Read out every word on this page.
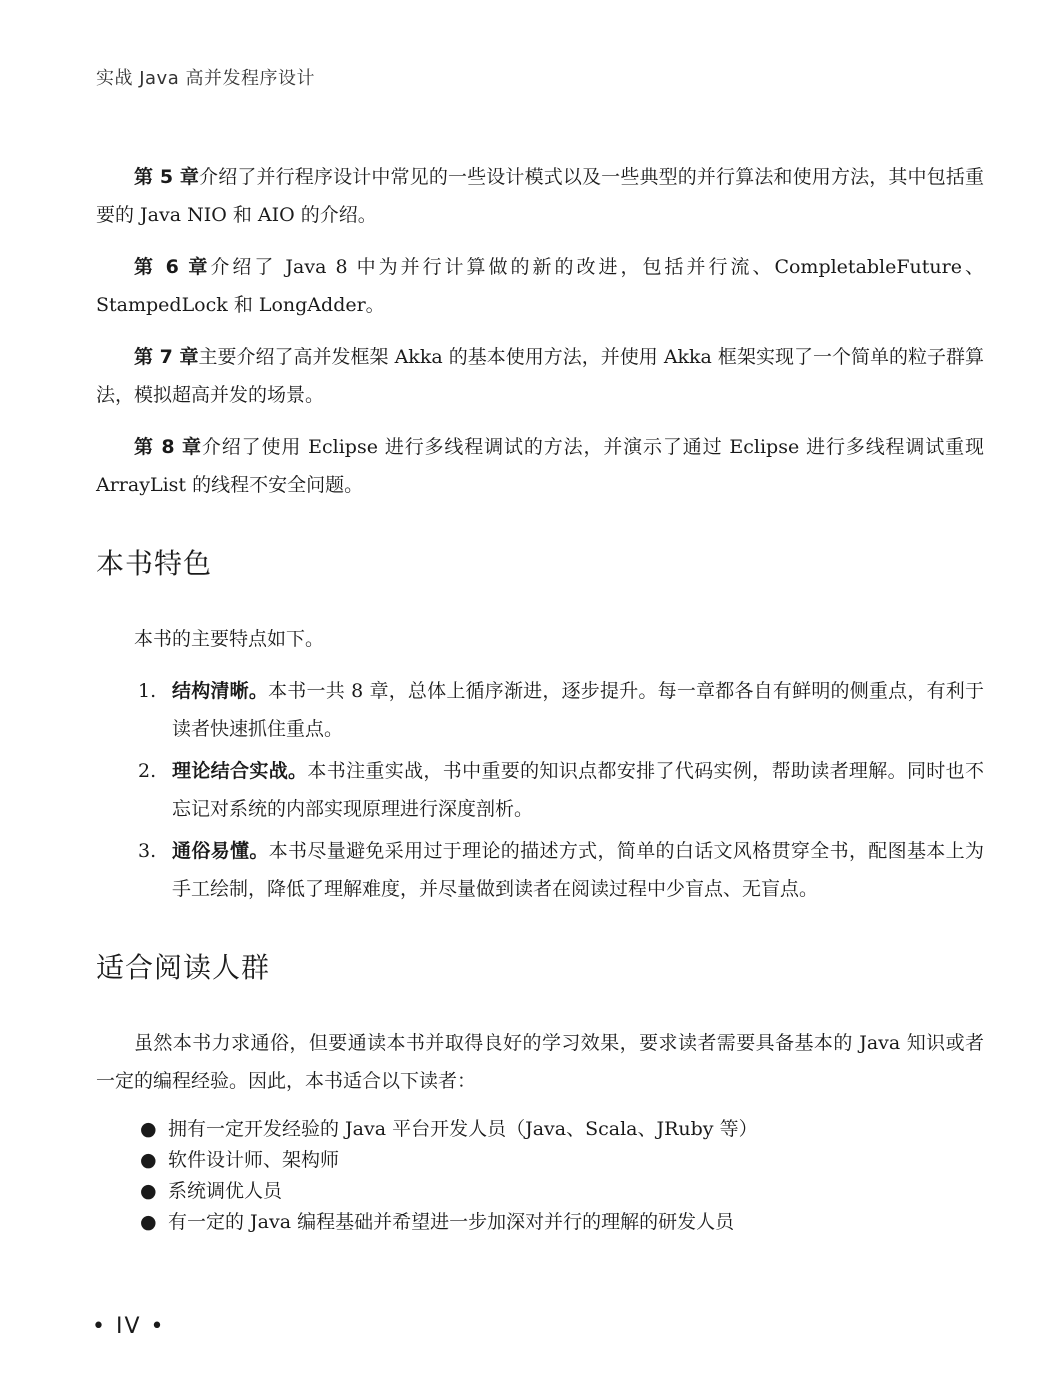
实战 Java 高并发程序设计

第 5 章介绍了并行程序设计中常见的一些设计模式以及一些典型的并行算法和使用方法，其中包括重要的 Java NIO 和 AIO 的介绍。

第 6 章介绍了 Java 8 中为并行计算做的新的改进，包括并行流、CompletableFuture、StampedLock 和 LongAdder。

第 7 章主要介绍了高并发框架 Akka 的基本使用方法，并使用 Akka 框架实现了一个简单的粒子群算法，模拟超高并发的场景。

第 8 章介绍了使用 Eclipse 进行多线程调试的方法，并演示了通过 Eclipse 进行多线程调试重现 ArrayList 的线程不安全问题。

本书特色

本书的主要特点如下。

1. 结构清晰。本书一共 8 章，总体上循序渐进，逐步提升。每一章都各自有鲜明的侧重点，有利于读者快速抓住重点。
2. 理论结合实战。本书注重实战，书中重要的知识点都安排了代码实例，帮助读者理解。同时也不忘记对系统的内部实现原理进行深度剖析。
3. 通俗易懂。本书尽量避免采用过于理论的描述方式，简单的白话文风格贯穿全书，配图基本上为手工绘制，降低了理解难度，并尽量做到读者在阅读过程中少盲点、无盲点。
适合阅读人群

虽然本书力求通俗，但要通读本书并取得良好的学习效果，要求读者需要具备基本的 Java 知识或者一定的编程经验。因此，本书适合以下读者：

● 拥有一定开发经验的 Java 平台开发人员（Java、Scala、JRuby 等）
● 软件设计师、架构师
● 系统调优人员
● 有一定的 Java 编程基础并希望进一步加深对并行的理解的研发人员
• IV •
